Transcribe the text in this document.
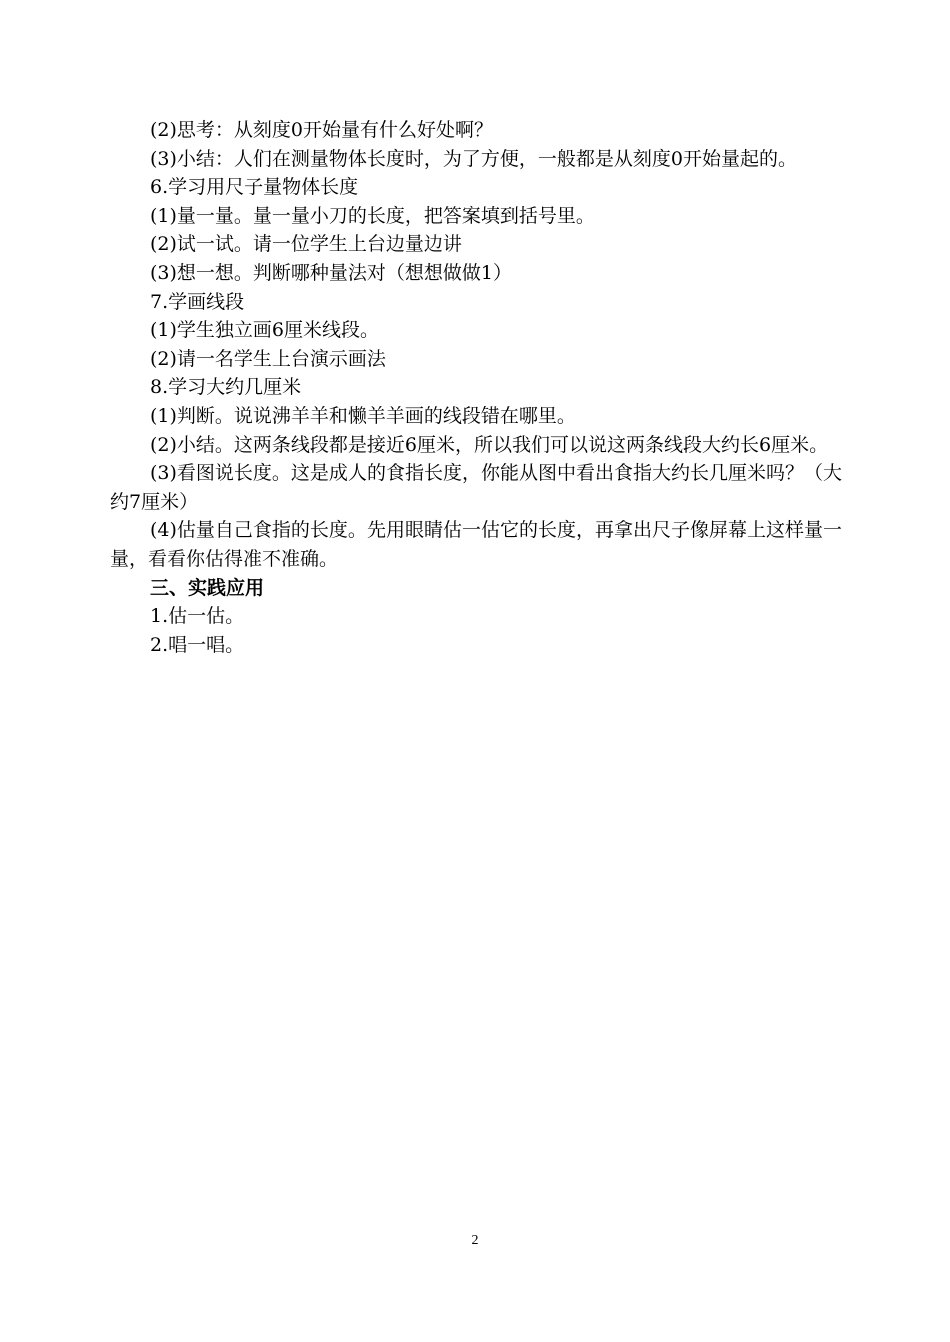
(2)思考：从刻度0开始量有什么好处啊？

(3)小结：人们在测量物体长度时，为了方便，一般都是从刻度0开始量起的。

6.学习用尺子量物体长度

(1)量一量。量一量小刀的长度，把答案填到括号里。

(2)试一试。请一位学生上台边量边讲

(3)想一想。判断哪种量法对（想想做做1）

7.学画线段

(1)学生独立画6厘米线段。

(2)请一名学生上台演示画法

8.学习大约几厘米

(1)判断。说说沸羊羊和懒羊羊画的线段错在哪里。

(2)小结。这两条线段都是接近6厘米，所以我们可以说这两条线段大约长6厘米。

(3)看图说长度。这是成人的食指长度，你能从图中看出食指大约长几厘米吗？（大约7厘米）

(4)估量自己食指的长度。先用眼睛估一估它的长度，再拿出尺子像屏幕上这样量一量，看看你估得准不准确。

三、实践应用

1.估一估。

2.唱一唱。

2
